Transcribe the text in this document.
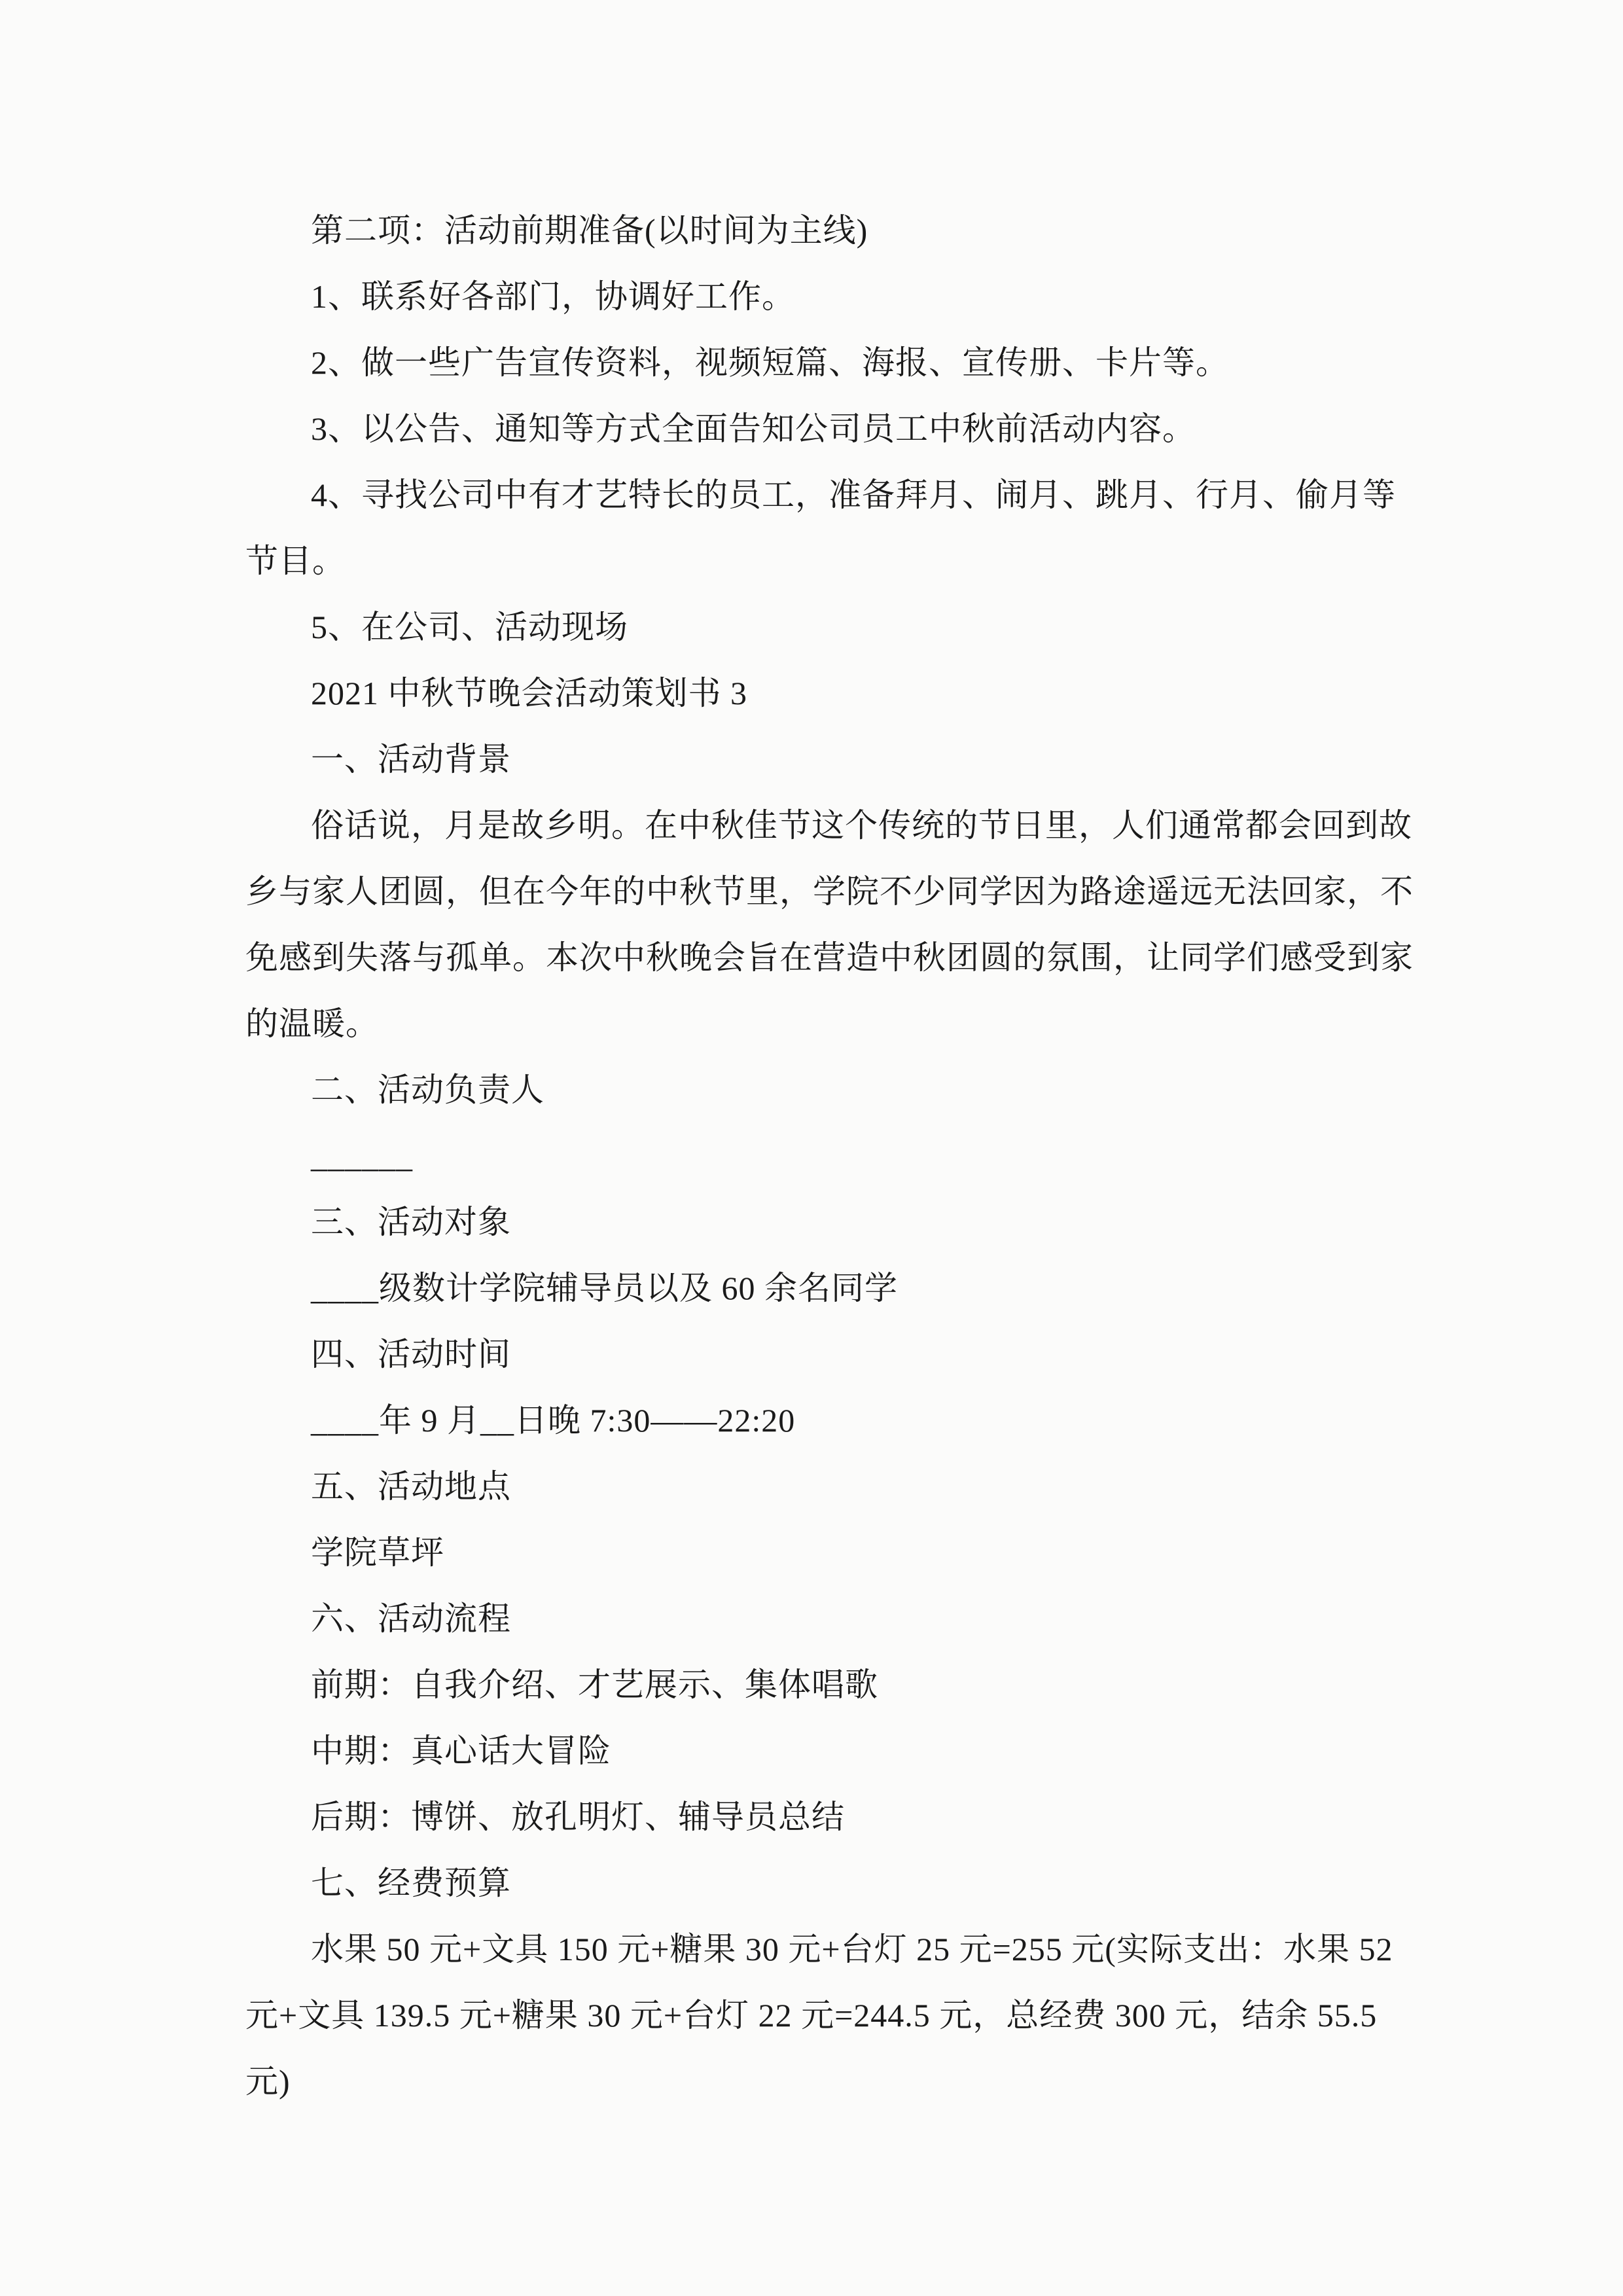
第二项：活动前期准备(以时间为主线)
1、联系好各部门，协调好工作。
2、做一些广告宣传资料，视频短篇、海报、宣传册、卡片等。
3、以公告、通知等方式全面告知公司员工中秋前活动内容。
4、寻找公司中有才艺特长的员工，准备拜月、闹月、跳月、行月、偷月等
节目。
5、在公司、活动现场
2021 中秋节晚会活动策划书 3
一、活动背景
俗话说，月是故乡明。在中秋佳节这个传统的节日里，人们通常都会回到故
乡与家人团圆，但在今年的中秋节里，学院不少同学因为路途遥远无法回家，不
免感到失落与孤单。本次中秋晚会旨在营造中秋团圆的氛围，让同学们感受到家
的温暖。
二、活动负责人
______
三、活动对象
____级数计学院辅导员以及 60 余名同学
四、活动时间
____年 9 月__日晚 7:30——22:20
五、活动地点
学院草坪
六、活动流程
前期：自我介绍、才艺展示、集体唱歌
中期：真心话大冒险
后期：博饼、放孔明灯、辅导员总结
七、经费预算
水果 50 元+文具 150 元+糖果 30 元+台灯 25 元=255 元(实际支出：水果 52
元+文具 139.5 元+糖果 30 元+台灯 22 元=244.5 元，总经费 300 元，结余 55.5
元)
